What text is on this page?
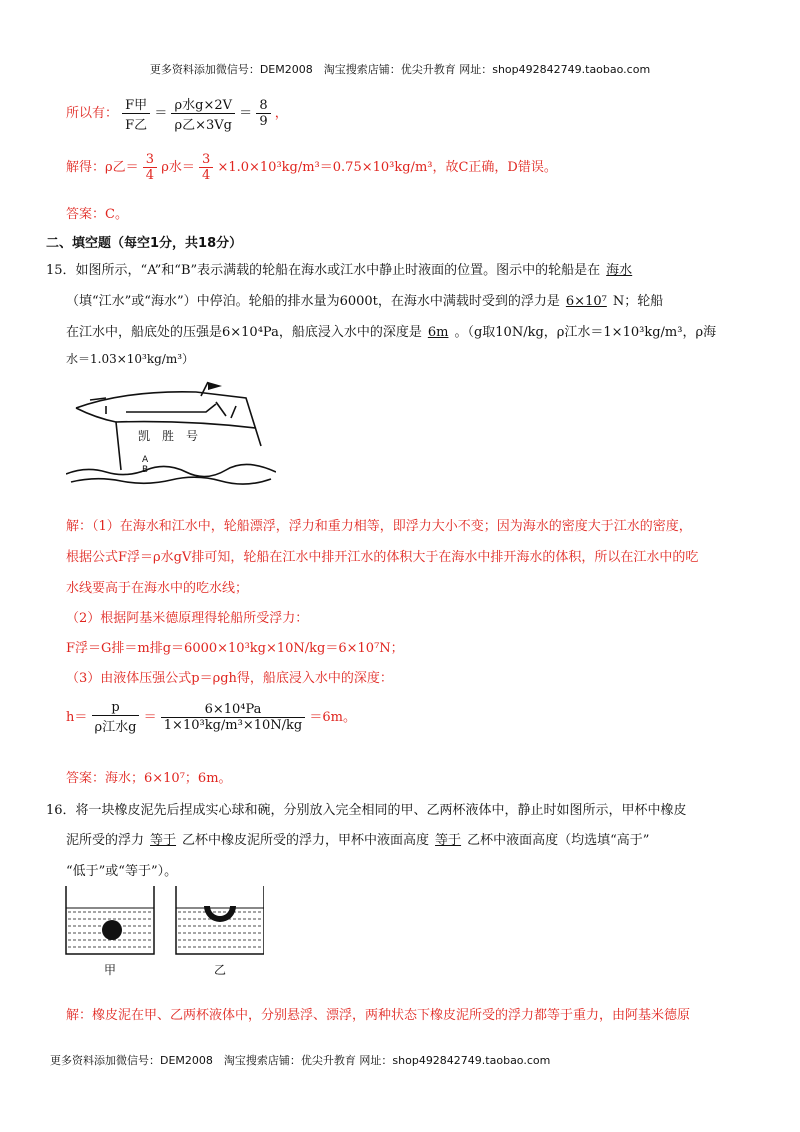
更多资料添加微信号：DEM2008　淘宝搜索店铺：优尖升教育 网址：shop492842749.taobao.com
所以有： $\frac{\text{F甲}}{\text{F乙}} = \frac{\text{ρ水g×2V}}{\text{ρ乙×3Vg}} = \frac{8}{9}$ ，
解得：ρ乙＝ $\frac{3}{4}$ ρ水＝ $\frac{3}{4} \times 1.0\times 10^3kg/m^3=0.75\times 10^3kg/m^3$，故C正确，D错误。
答案：C。
二、填空题（每空1分，共18分）
15．如图所示，“A”和“B”表示满载的轮船在海水或江水中静止时液面的位置。图示中的轮船是在 海水
（填“江水”或“海水”）中停泊。轮船的排水量为6000t，在海水中满载时受到的浮力是 6×10⁷ N；轮船
在江水中，船底处的压强是6×10⁴Pa，船底浸入水中的深度是 6m 。（g取10N/kg，ρ江水＝1×10³kg/m³，ρ海
水＝1.03×10³kg/m³）
凯　胜　号
A
B
解：（1）在海水和江水中，轮船漂浮，浮力和重力相等，即浮力大小不变；因为海水的密度大于江水的密度，
根据公式F浮＝ρ水gV排可知，轮船在江水中排开江水的体积大于在海水中排开海水的体积，所以在江水中的吃
水线要高于在海水中的吃水线；
（2）根据阿基米德原理得轮船所受浮力：
F浮＝G排＝m排g＝6000×10³kg×10N/kg＝6×10⁷N；
（3）由液体压强公式p＝ρgh得，船底浸入水中的深度：
$h= \frac{p}{\text{ρ江水g}} = \frac{\text{6×10⁴Pa}}{\text{1×10³kg/m³×10N/kg}} =6m$。
答案：海水；6×10⁷；6m。
16．将一块橡皮泥先后捏成实心球和碗，分别放入完全相同的甲、乙两杯液体中，静止时如图所示，甲杯中橡皮
泥所受的浮力 等于 乙杯中橡皮泥所受的浮力，甲杯中液面高度 等于 乙杯中液面高度（均选填“高于”
“低于”或“等于”）。
甲	乙
解：橡皮泥在甲、乙两杯液体中，分别悬浮、漂浮，两种状态下橡皮泥所受的浮力都等于重力，由阿基米德原
更多资料添加微信号：DEM2008　淘宝搜索店铺：优尖升教育 网址：shop492842749.taobao.com
